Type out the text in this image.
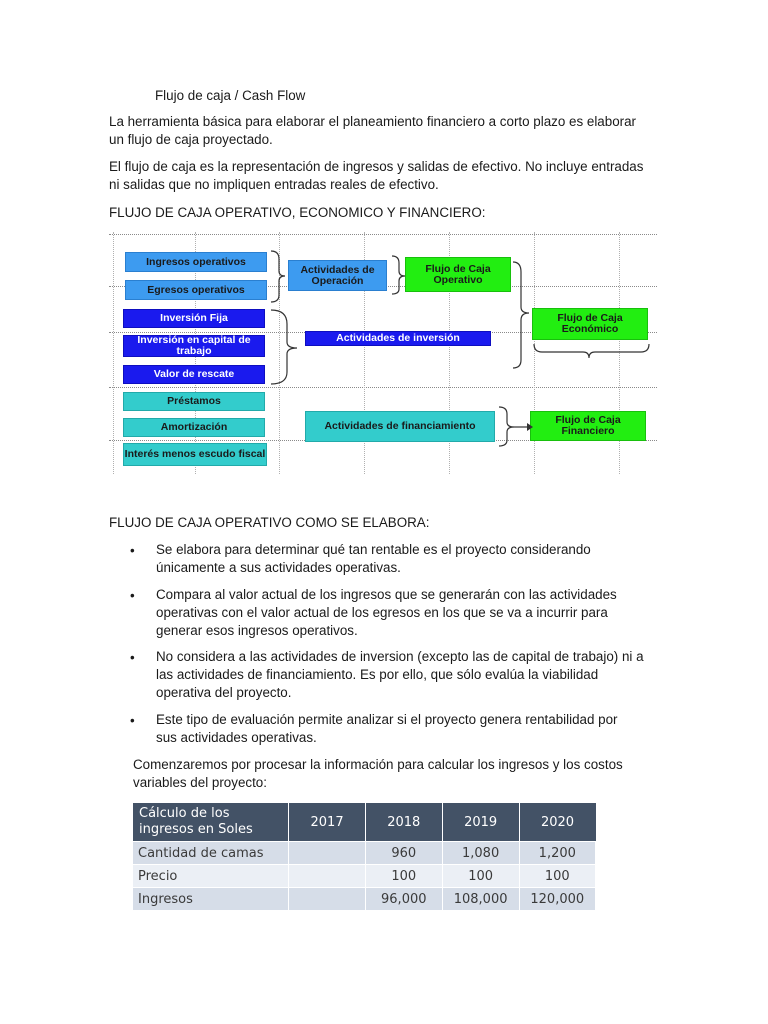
Flujo de caja / Cash Flow

La herramienta básica para elaborar el planeamiento financiero a corto plazo es elaborar un flujo de caja proyectado.

El flujo de caja es la representación de ingresos y salidas de efectivo. No incluye entradas ni salidas que no impliquen entradas reales de efectivo.

FLUJO DE CAJA OPERATIVO, ECONOMICO Y FINANCIERO:

Ingresos operativos
Egresos operativos
Inversión Fija
Inversión en capital de trabajo
Valor de rescate
Préstamos
Amortización
Interés menos escudo fiscal
Actividades de Operación
Actividades de inversión
Actividades de financiamiento
Flujo de Caja Operativo
Flujo de Caja Económico
Flujo de Caja Financiero

FLUJO DE CAJA OPERATIVO COMO SE ELABORA:

• Se elabora para determinar qué tan rentable es el proyecto considerando únicamente a sus actividades operativas.

• Compara al valor actual de los ingresos que se generarán con las actividades operativas con el valor actual de los egresos en los que se va a incurrir para generar esos ingresos operativos.

• No considera a las actividades de inversion (excepto las de capital de trabajo) ni a las actividades de financiamiento. Es por ello, que sólo evalúa la viabilidad operativa del proyecto.

• Este tipo de evaluación permite analizar si el proyecto genera rentabilidad por sus actividades operativas.

Comenzaremos por procesar la información para calcular los ingresos y los costos variables del proyecto:

Cálculo de los ingresos en Soles	2017	2018	2019	2020
Cantidad de camas		960	1,080	1,200
Precio		100	100	100
Ingresos		96,000	108,000	120,000
